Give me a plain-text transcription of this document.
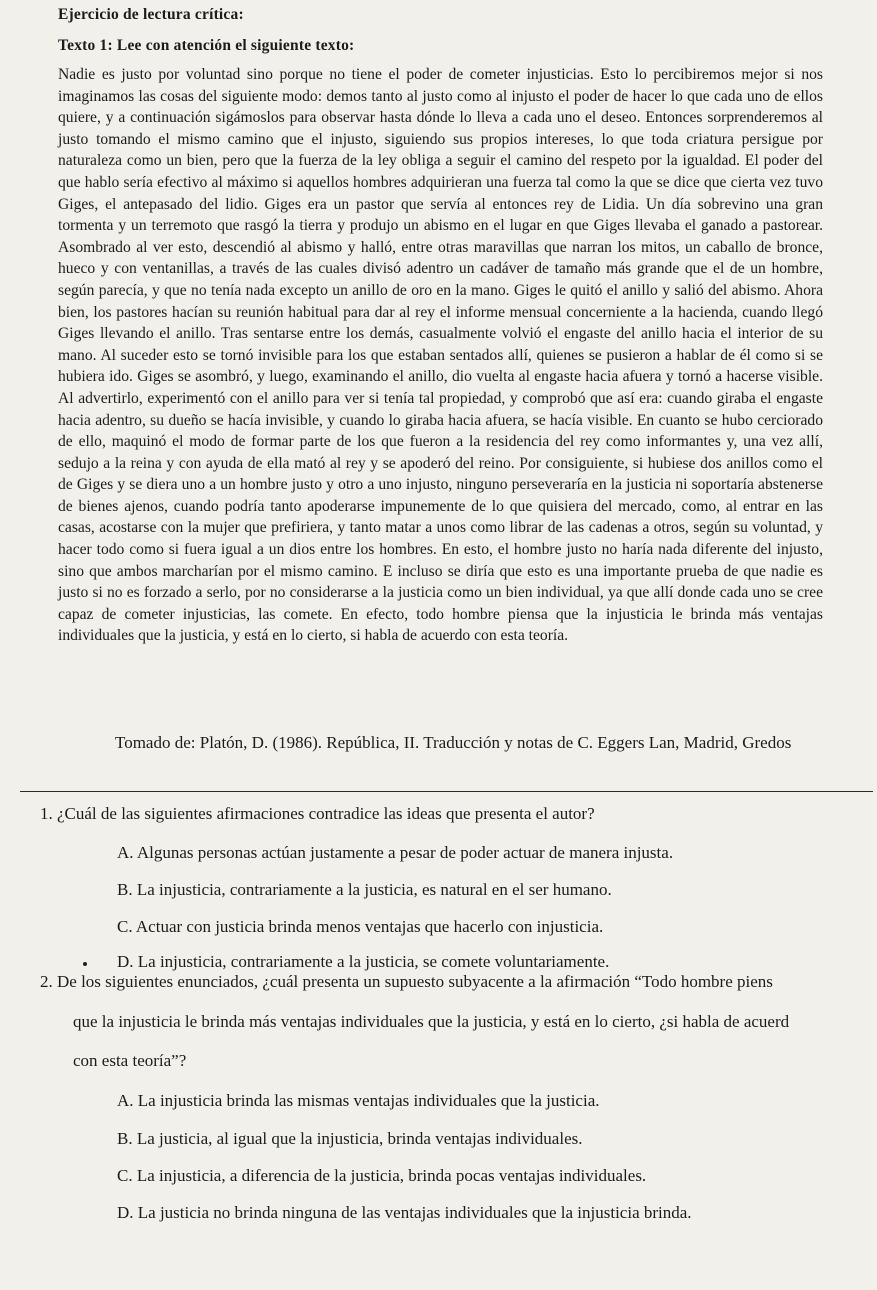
Ejercicio de lectura crítica:
Texto 1: Lee con atención el siguiente texto:

Nadie es justo por voluntad sino porque no tiene el poder de cometer injusticias. Esto lo percibiremos mejor si nos imaginamos las cosas del siguiente modo: demos tanto al justo como al injusto el poder de hacer lo que cada uno de ellos quiere, y a continuación sigámoslos para observar hasta dónde lo lleva a cada uno el deseo. Entonces sorprenderemos al justo tomando el mismo camino que el injusto, siguiendo sus propios intereses, lo que toda criatura persigue por naturaleza como un bien, pero que la fuerza de la ley obliga a seguir el camino del respeto por la igualdad. El poder del que hablo sería efectivo al máximo si aquellos hombres adquirieran una fuerza tal como la que se dice que cierta vez tuvo Giges, el antepasado del lidio. Giges era un pastor que servía al entonces rey de Lidia. Un día sobrevino una gran tormenta y un terremoto que rasgó la tierra y produjo un abismo en el lugar en que Giges llevaba el ganado a pastorear. Asombrado al ver esto, descendió al abismo y halló, entre otras maravillas que narran los mitos, un caballo de bronce, hueco y con ventanillas, a través de las cuales divisó adentro un cadáver de tamaño más grande que el de un hombre, según parecía, y que no tenía nada excepto un anillo de oro en la mano. Giges le quitó el anillo y salió del abismo. Ahora bien, los pastores hacían su reunión habitual para dar al rey el informe mensual concerniente a la hacienda, cuando llegó Giges llevando el anillo. Tras sentarse entre los demás, casualmente volvió el engaste del anillo hacia el interior de su mano. Al suceder esto se tornó invisible para los que estaban sentados allí, quienes se pusieron a hablar de él como si se hubiera ido. Giges se asombró, y luego, examinando el anillo, dio vuelta al engaste hacia afuera y tornó a hacerse visible. Al advertirlo, experimentó con el anillo para ver si tenía tal propiedad, y comprobó que así era: cuando giraba el engaste hacia adentro, su dueño se hacía invisible, y cuando lo giraba hacia afuera, se hacía visible. En cuanto se hubo cerciorado de ello, maquinó el modo de formar parte de los que fueron a la residencia del rey como informantes y, una vez allí, sedujo a la reina y con ayuda de ella mató al rey y se apoderó del reino. Por consiguiente, si hubiese dos anillos como el de Giges y se diera uno a un hombre justo y otro a uno injusto, ninguno perseveraría en la justicia ni soportaría abstenerse de bienes ajenos, cuando podría tanto apoderarse impunemente de lo que quisiera del mercado, como, al entrar en las casas, acostarse con la mujer que prefiriera, y tanto matar a unos como librar de las cadenas a otros, según su voluntad, y hacer todo como si fuera igual a un dios entre los hombres. En esto, el hombre justo no haría nada diferente del injusto, sino que ambos marcharían por el mismo camino. E incluso se diría que esto es una importante prueba de que nadie es justo si no es forzado a serlo, por no considerarse a la justicia como un bien individual, ya que allí donde cada uno se cree capaz de cometer injusticias, las comete. En efecto, todo hombre piensa que la injusticia le brinda más ventajas individuales que la justicia, y está en lo cierto, si habla de acuerdo con esta teoría.

Tomado de: Platón, D. (1986). República, II. Traducción y notas de C. Eggers Lan, Madrid, Gredos
1. ¿Cuál de las siguientes afirmaciones contradice las ideas que presenta el autor?
A. Algunas personas actúan justamente a pesar de poder actuar de manera injusta.
B. La injusticia, contrariamente a la justicia, es natural en el ser humano.
C. Actuar con justicia brinda menos ventajas que hacerlo con injusticia.
D. La injusticia, contrariamente a la justicia, se comete voluntariamente.
2. De los siguientes enunciados, ¿cuál presenta un supuesto subyacente a la afirmación “Todo hombre piens
que la injusticia le brinda más ventajas individuales que la justicia, y está en lo cierto, ¿si habla de acuerd
con esta teoría”?
A. La injusticia brinda las mismas ventajas individuales que la justicia.
B. La justicia, al igual que la injusticia, brinda ventajas individuales.
C. La injusticia, a diferencia de la justicia, brinda pocas ventajas individuales.
D. La justicia no brinda ninguna de las ventajas individuales que la injusticia brinda.
